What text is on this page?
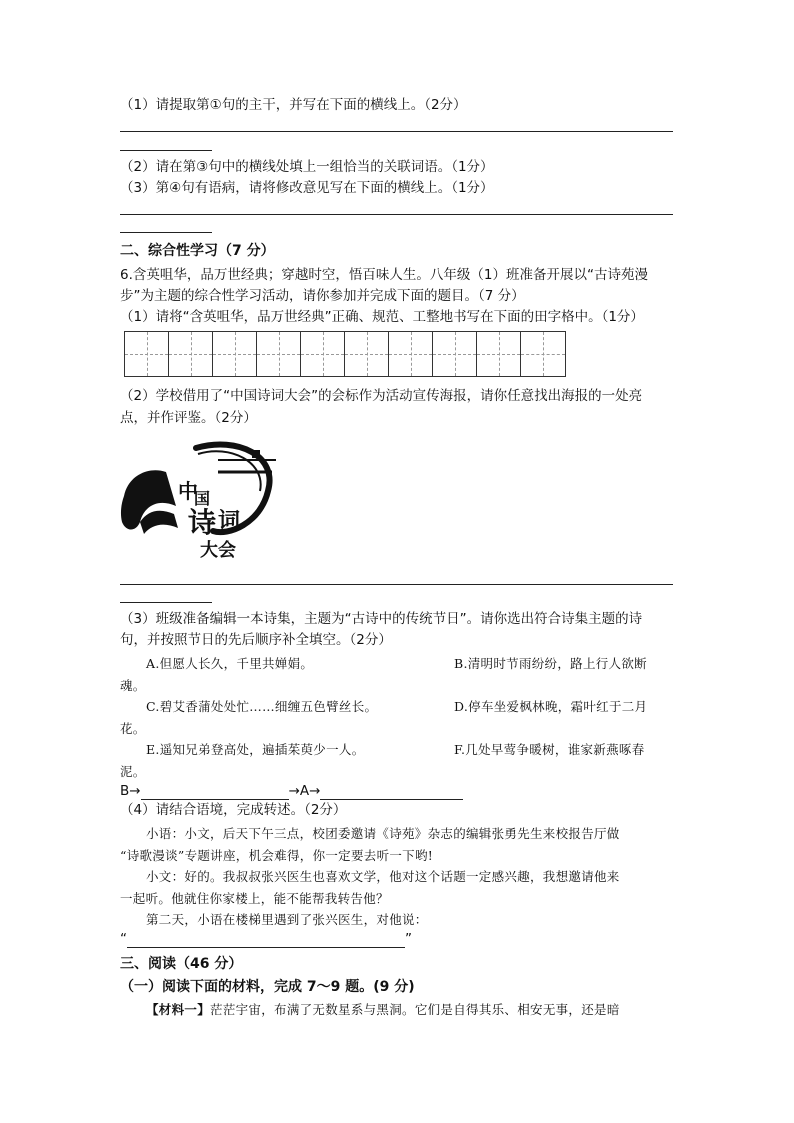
（1）请提取第①句的主干，并写在下面的横线上。（2分）
（2）请在第③句中的横线处填上一组恰当的关联词语。（1分）
（3）第④句有语病，请将修改意见写在下面的横线上。（1分）
二、综合性学习（7 分）
6.含英咀华，品万世经典；穿越时空，悟百味人生。八年级（1）班准备开展以“古诗苑漫
步”为主题的综合性学习活动，请你参加并完成下面的题目。（7 分）
（1）请将“含英咀华，品万世经典”正确、规范、工整地书写在下面的田字格中。（1分）
（2）学校借用了“中国诗词大会”的会标作为活动宣传海报，请你任意找出海报的一处亮
点，并作评鉴。（2分）
中
国
诗 词
大会
（3）班级准备编辑一本诗集，主题为“古诗中的传统节日”。请你选出符合诗集主题的诗
句，并按照节日的先后顺序补全填空。（2分）
A.但愿人长久，千里共婵娟。	B.清明时节雨纷纷，路上行人欲断
魂。
C.碧艾香蒲处处忙……细缠五色臂丝长。	D.停车坐爱枫林晚，霜叶红于二月
花。
E.遥知兄弟登高处，遍插茱萸少一人。	F.几处早莺争暖树，谁家新燕啄春
泥。
B→	→A→
（4）请结合语境，完成转述。（2分）
小语：小文，后天下午三点，校团委邀请《诗苑》杂志的编辑张勇先生来校报告厅做
“诗歌漫谈”专题讲座，机会难得，你一定要去听一下哟!
小文：好的。我叔叔张兴医生也喜欢文学，他对这个话题一定感兴趣，我想邀请他来
一起听。他就住你家楼上，能不能帮我转告他？
第二天，小语在楼梯里遇到了张兴医生，对他说：
“	”
三、阅读（46 分）
（一）阅读下面的材料，完成 7～9 题。(9 分)
【材料一】茫茫宇宙，布满了无数星系与黑洞。它们是自得其乐、相安无事，还是暗
